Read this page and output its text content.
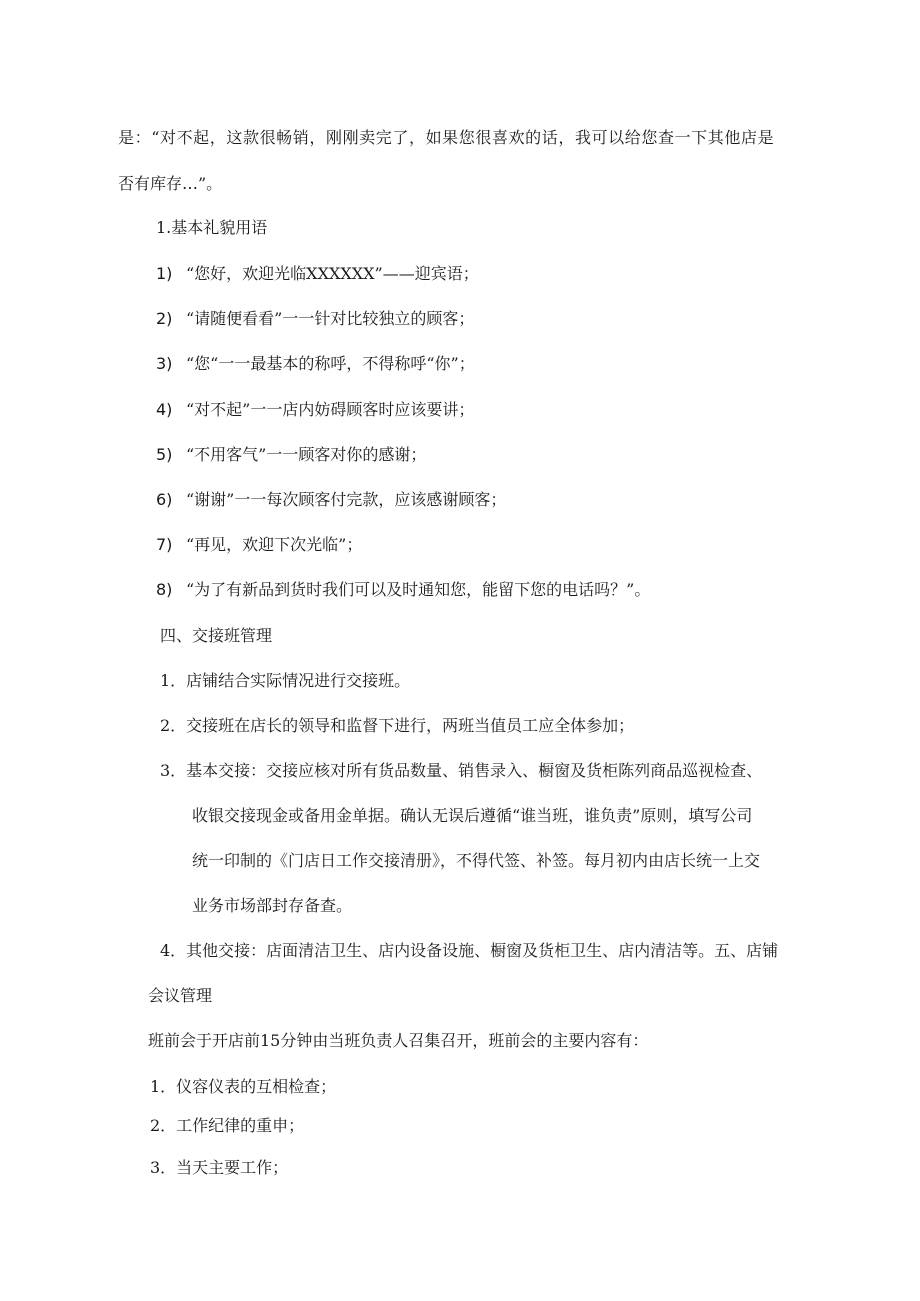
是：“对不起，这款很畅销，刚刚卖完了，如果您很喜欢的话，我可以给您查一下其他店是
否有库存…”。
1.基本礼貌用语
1) “您好，欢迎光临XXXXXX”——迎宾语；
2) “请随便看看”一一针对比较独立的顾客；
3) “您“一一最基本的称呼，不得称呼“你”；
4) “对不起”一一店内妨碍顾客时应该要讲；
5) “不用客气”一一顾客对你的感谢；
6) “谢谢”一一每次顾客付完款，应该感谢顾客；
7) “再见，欢迎下次光临”；
8) “为了有新品到货时我们可以及时通知您，能留下您的电话吗？”。
四、交接班管理
1．店铺结合实际情况进行交接班。
2．交接班在店长的领导和监督下进行，两班当值员工应全体参加；
3．基本交接：交接应核对所有货品数量、销售录入、橱窗及货柜陈列商品巡视检查、
收银交接现金或备用金单据。确认无误后遵循“谁当班，谁负责”原则，填写公司
统一印制的《门店日工作交接清册》，不得代签、补签。每月初内由店长统一上交
业务市场部封存备查。
4．其他交接：店面清洁卫生、店内设备设施、橱窗及货柜卫生、店内清洁等。五、店铺
会议管理
班前会于开店前15分钟由当班负责人召集召开，班前会的主要内容有：
1．仪容仪表的互相检查；
2．工作纪律的重申；
3．当天主要工作；
